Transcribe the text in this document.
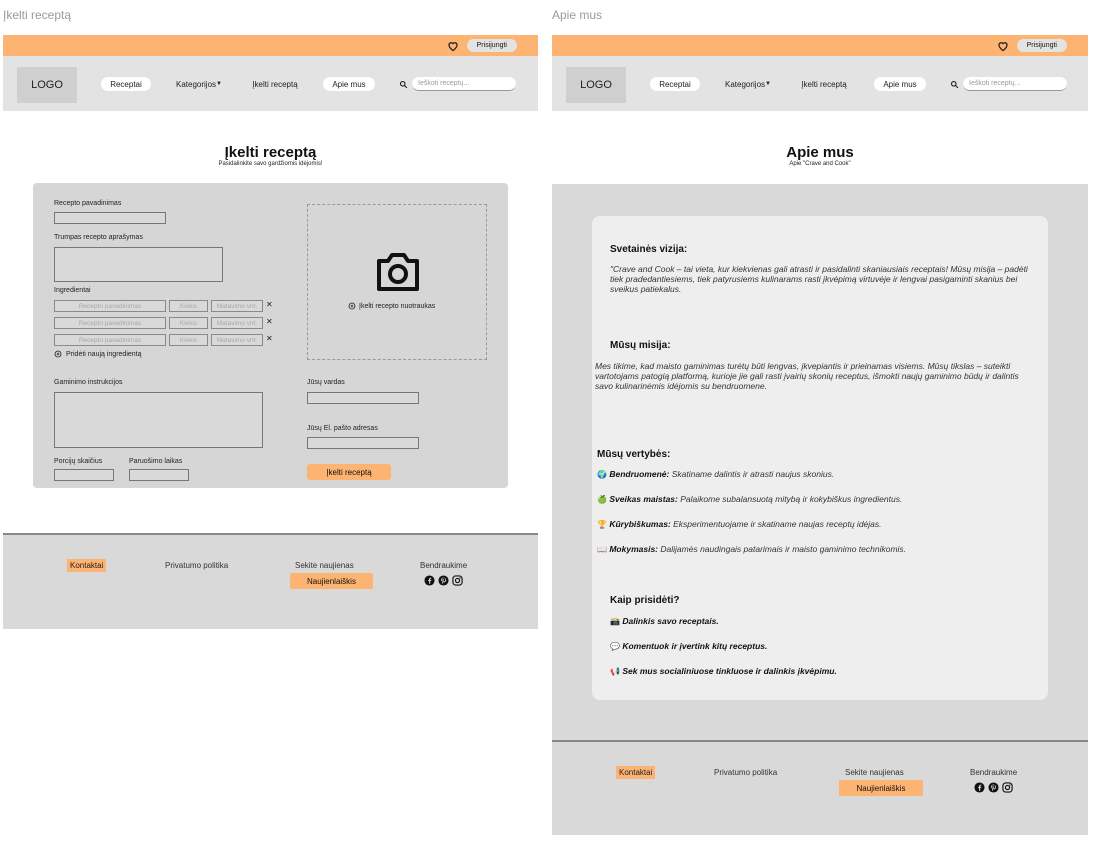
Įkelti receptą	Apie mus
Prisijungti
LOGO	Receptai	Kategorijos ▼	Įkelti receptą	Apie mus	Ieškoti receptų...
Įkelti receptą
Pasidalinkite savo gardžiomis idėjomis!
Recepto pavadinimas
Trumpas recepto aprašymas
Ingredientai
Recepto pavadinimas	Kiekis	Matavimo vnt.	✕
Recepto pavadinimas	Kiekis	Matavimo vnt.	✕
Recepto pavadinimas	Kiekis	Matavimo vnt.	✕
Pridėti naują ingredientą
Įkelti recepto nuotraukas
Gaminimo instrukcijos	Jūsų vardas
Jūsų El. pašto adresas
Porcijų skaičius	Paruošimo laikas
Įkelti receptą
Kontaktai	Privatumo politika	Sekite naujienas
Naujienlaiškis
Bendraukime
Prisijungti
LOGO	Receptai	Kategorijos ▼	Įkelti receptą	Apie mus	Ieškoti receptų...
Apie mus
Apie "Crave and Cook"
Svetainės vizija:
"Crave and Cook – tai vieta, kur kiekvienas gali atrasti ir pasidalinti skaniausiais receptais! Mūsų misija – padėti tiek pradedantiesiems, tiek patyrusiems kulinarams rasti įkvėpimą virtuvėje ir lengvai pasigaminti skanius bei sveikus patiekalus.
Mūsų misija:
Mes tikime, kad maisto gaminimas turėtų būti lengvas, įkvepiantis ir prieinamas visiems. Mūsų tikslas – suteikti vartotojams patogią platformą, kurioje jie gali rasti įvairių skonių receptus, išmokti naujų gaminimo būdų ir dalintis savo kulinarinėmis idėjomis su bendruomene.
Mūsų vertybės:
🌍 Bendruomenė: Skatiname dalintis ir atrasti naujus skonius.
🍏 Sveikas maistas: Palaikome subalansuotą mitybą ir kokybiškus ingredientus.
🏆 Kūrybiškumas: Eksperimentuojame ir skatiname naujas receptų idėjas.
📖 Mokymasis: Dalijamės naudingais patarimais ir maisto gaminimo technikomis.
Kaip prisidėti?
📸 Dalinkis savo receptais.
💬 Komentuok ir įvertink kitų receptus.
📢 Sek mus socialiniuose tinkluose ir dalinkis įkvėpimu.
Kontaktai	Privatumo politika	Sekite naujienas
Naujienlaiškis
Bendraukime
